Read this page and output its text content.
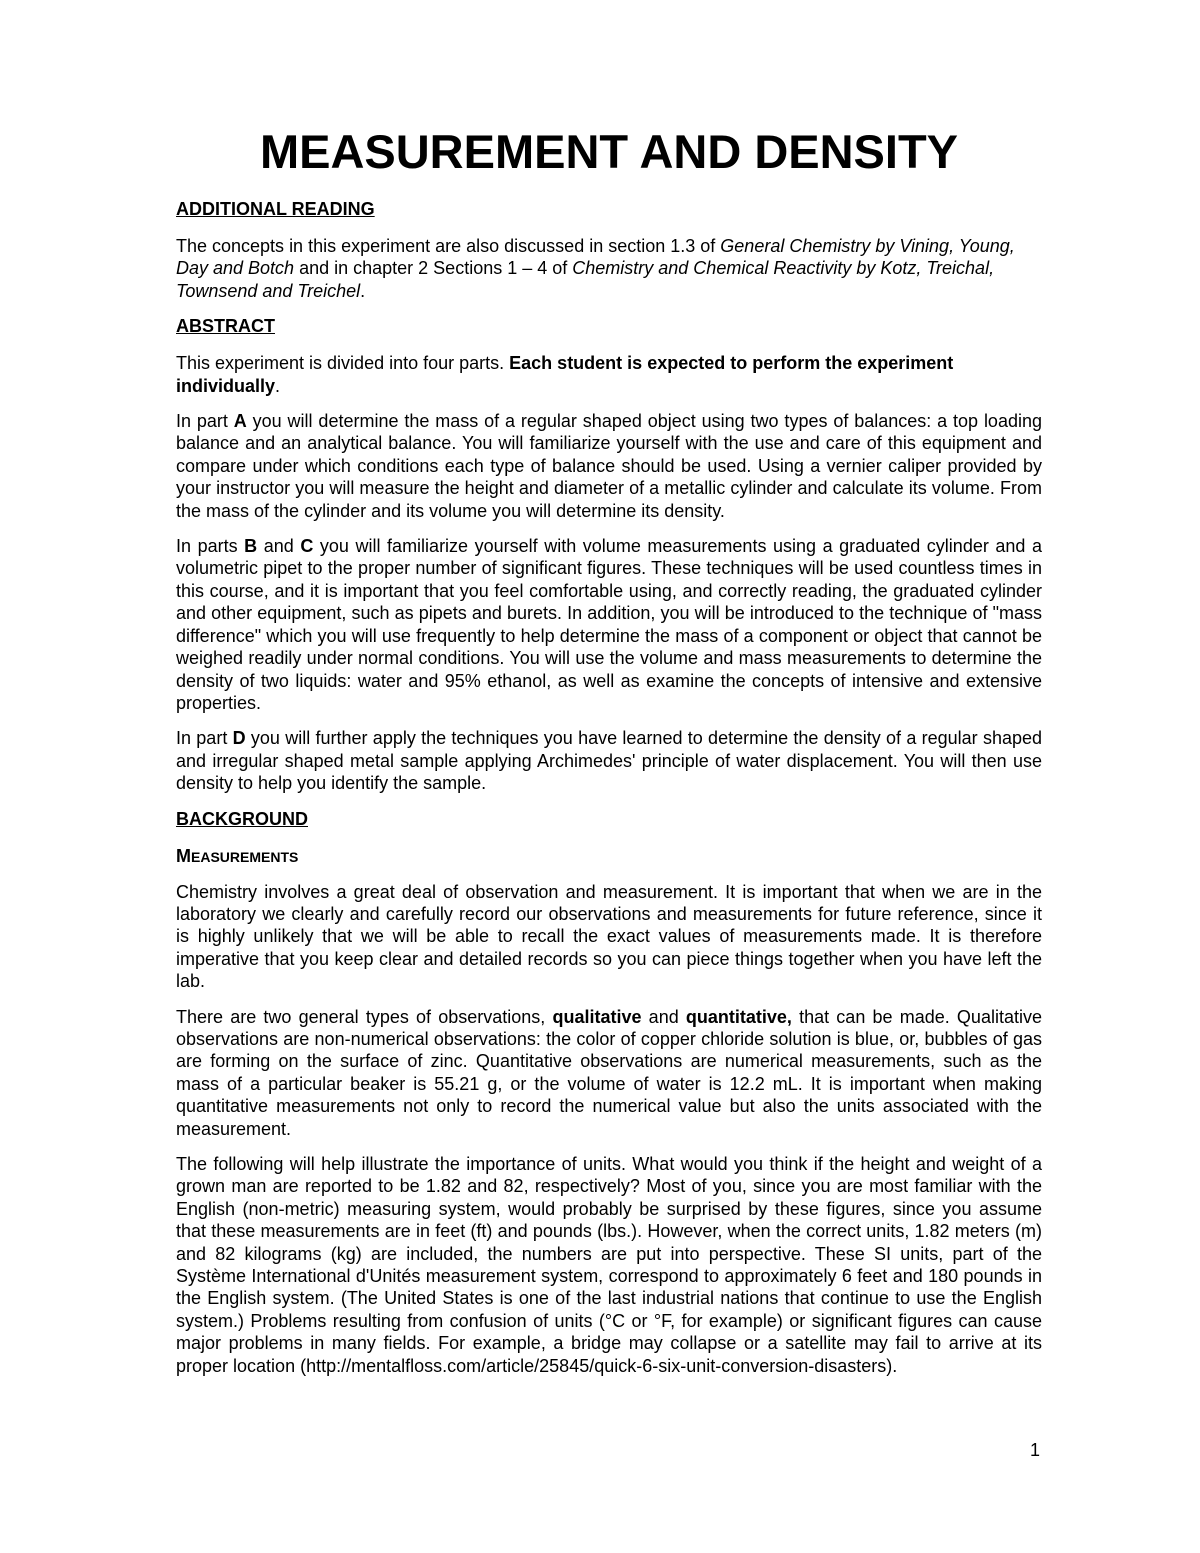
MEASUREMENT AND DENSITY
ADDITIONAL READING

The concepts in this experiment are also discussed in section 1.3 of General Chemistry by Vining, Young, Day and Botch and in chapter 2 Sections 1 – 4 of Chemistry and Chemical Reactivity by Kotz, Treichal, Townsend and Treichel.

ABSTRACT

This experiment is divided into four parts. Each student is expected to perform the experiment individually.

In part A you will determine the mass of a regular shaped object using two types of balances: a top loading balance and an analytical balance. You will familiarize yourself with the use and care of this equipment and compare under which conditions each type of balance should be used. Using a vernier caliper provided by your instructor you will measure the height and diameter of a metallic cylinder and calculate its volume. From the mass of the cylinder and its volume you will determine its density.

In parts B and C you will familiarize yourself with volume measurements using a graduated cylinder and a volumetric pipet to the proper number of significant figures. These techniques will be used countless times in this course, and it is important that you feel comfortable using, and correctly reading, the graduated cylinder and other equipment, such as pipets and burets. In addition, you will be introduced to the technique of "mass difference" which you will use frequently to help determine the mass of a component or object that cannot be weighed readily under normal conditions. You will use the volume and mass measurements to determine the density of two liquids: water and 95% ethanol, as well as examine the concepts of intensive and extensive properties.

In part D you will further apply the techniques you have learned to determine the density of a regular shaped and irregular shaped metal sample applying Archimedes' principle of water displacement. You will then use density to help you identify the sample.

BACKGROUND
MEASUREMENTS

Chemistry involves a great deal of observation and measurement. It is important that when we are in the laboratory we clearly and carefully record our observations and measurements for future reference, since it is highly unlikely that we will be able to recall the exact values of measurements made. It is therefore imperative that you keep clear and detailed records so you can piece things together when you have left the lab.

There are two general types of observations, qualitative and quantitative, that can be made. Qualitative observations are non-numerical observations: the color of copper chloride solution is blue, or, bubbles of gas are forming on the surface of zinc. Quantitative observations are numerical measurements, such as the mass of a particular beaker is 55.21 g, or the volume of water is 12.2 mL. It is important when making quantitative measurements not only to record the numerical value but also the units associated with the measurement.

The following will help illustrate the importance of units. What would you think if the height and weight of a grown man are reported to be 1.82 and 82, respectively? Most of you, since you are most familiar with the English (non-metric) measuring system, would probably be surprised by these figures, since you assume that these measurements are in feet (ft) and pounds (lbs.). However, when the correct units, 1.82 meters (m) and 82 kilograms (kg) are included, the numbers are put into perspective. These SI units, part of the Système International d'Unités measurement system, correspond to approximately 6 feet and 180 pounds in the English system. (The United States is one of the last industrial nations that continue to use the English system.) Problems resulting from confusion of units (°C or °F, for example) or significant figures can cause major problems in many fields. For example, a bridge may collapse or a satellite may fail to arrive at its proper location (http://mentalfloss.com/article/25845/quick-6-six-unit-conversion-disasters).

1
